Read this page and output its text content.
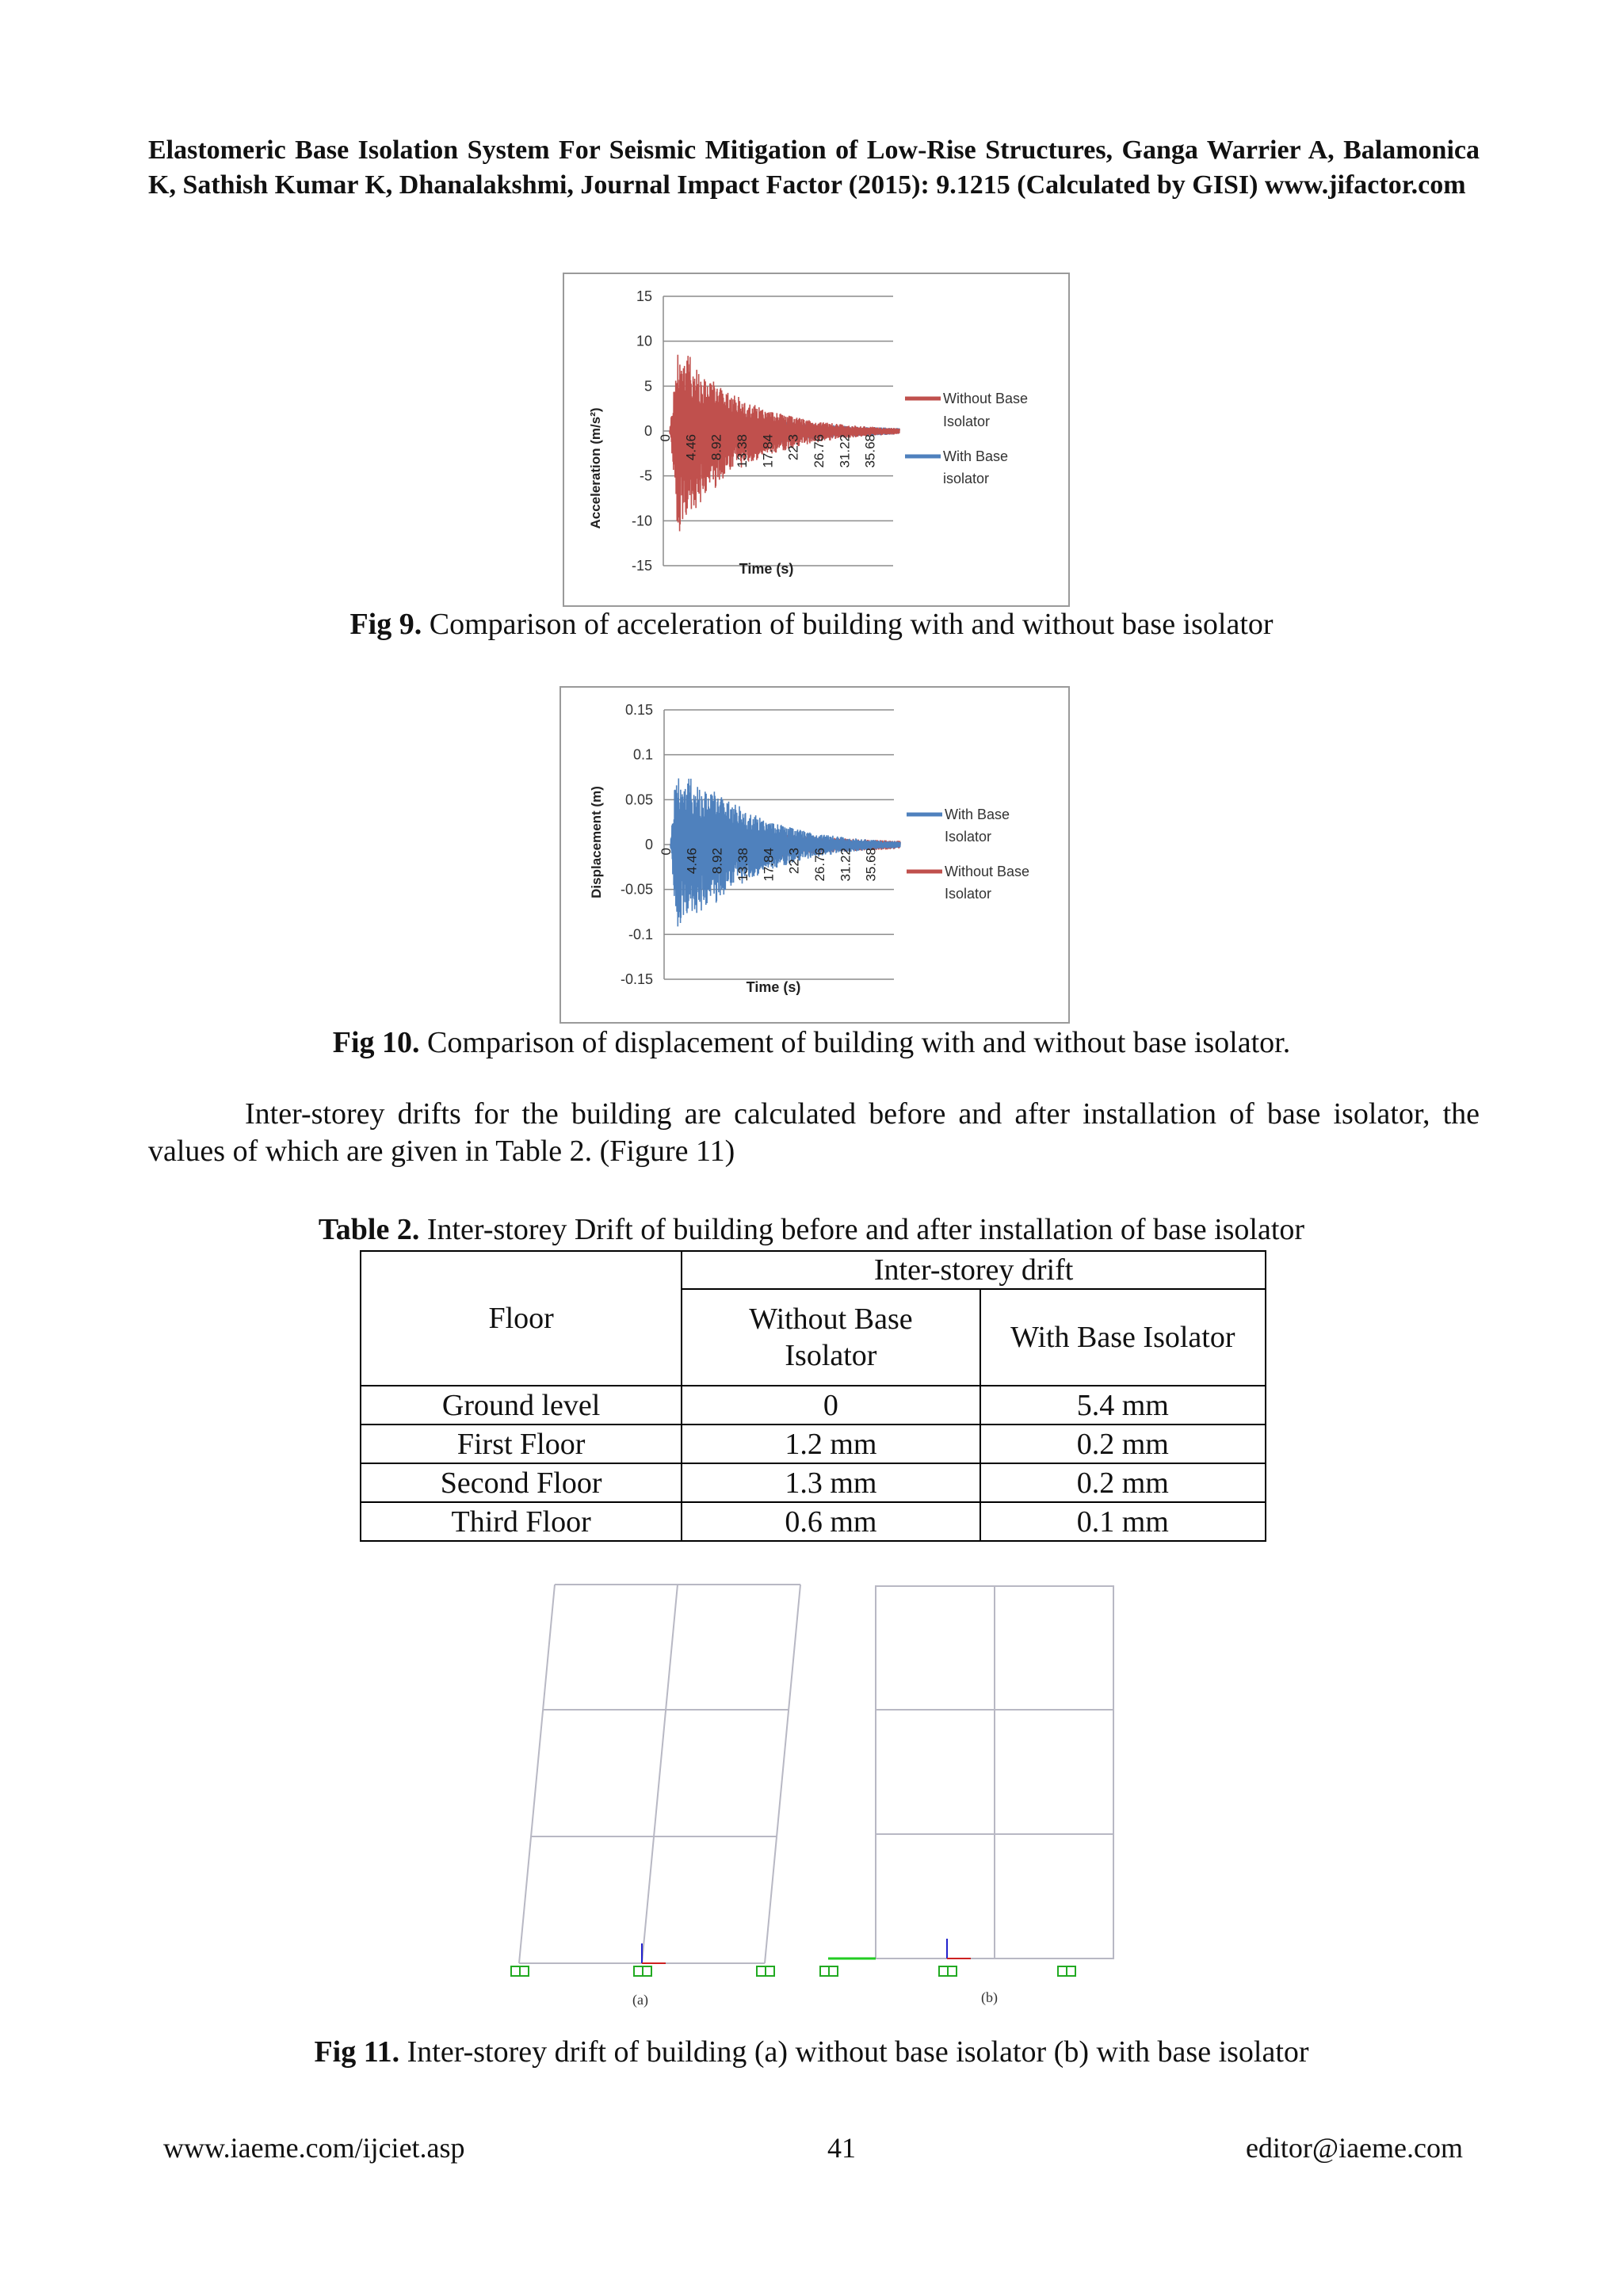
Elastomeric Base Isolation System For Seismic Mitigation of Low-Rise Structures, Ganga Warrier A, Balamonica K, Sathish Kumar K, Dhanalakshmi, Journal Impact Factor (2015): 9.1215 (Calculated by GISI) www.jifactor.com
15
10
5
0
-5
-10
-15
0 4.46 8.92 13.38 17.84 22.3 26.76 31.22 35.68
Acceleration (m/s²)
Time (s)
Without Base
Isolator
With Base
isolator
Fig 9. Comparison of acceleration of building with and without base isolator
0.15
0.1
0.05
0
-0.05
-0.1
-0.15
0 4.46 8.92 13.38 17.84 22.3 26.76 31.22 35.68
Displacement (m)
Time (s)
With Base
Isolator
Without Base
Isolator
Fig 10. Comparison of displacement of building with and without base isolator.
Inter-storey drifts for the building are calculated before and after installation of base isolator, the values of which are given in Table 2. (Figure 11)
Table 2. Inter-storey Drift of building before and after installation of base isolator
Floor	Inter-storey drift	

	Without Base
Isolator	With Base Isolator
Ground level	0	5.4 mm
First Floor	1.2 mm	0.2 mm
Second Floor	1.3 mm	0.2 mm
Third Floor	0.6 mm	0.1 mm
(a)	(b)
Fig 11. Inter-storey drift of building (a) without base isolator (b) with base isolator
www.iaeme.com/ijciet.asp	41	editor@iaeme.com
